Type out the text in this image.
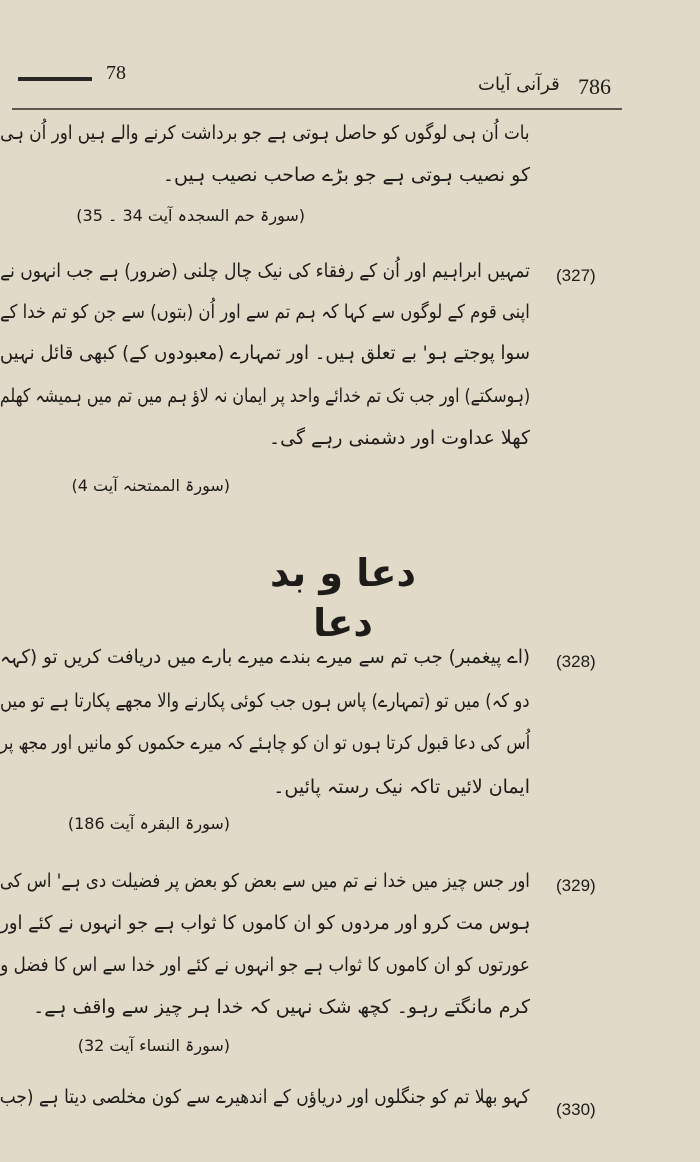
78
قرآنی آیات 786
بات اُن ہی لوگوں کو حاصل ہوتی ہے جو برداشت کرنے والے ہیں اور اُن ہی
کو نصیب ہوتی ہے جو بڑے صاحب نصیب ہیں۔
(سورۃ حم السجدہ آیت 34 ۔ 35)
(327)
تمہیں ابراہیم اور اُن کے رفقاء کی نیک چال چلنی (ضرور) ہے جب انہوں نے
اپنی قوم کے لوگوں سے کہا کہ ہم تم سے اور اُن (بتوں) سے جن کو تم خدا کے
سوا پوجتے ہو' بے تعلق ہیں۔ اور تمہارے (معبودوں کے) کبھی قائل نہیں
(ہوسکتے) اور جب تک تم خدائے واحد پر ایمان نہ لاؤ ہم میں تم میں ہمیشہ کھلم
کھلا عداوت اور دشمنی رہے گی۔
(سورۃ الممتحنہ آیت 4)
دعا و بد دعا
(328)
(اے پیغمبر) جب تم سے میرے بندے میرے بارے میں دریافت کریں تو (کہہ
دو کہ) میں تو (تمہارے) پاس ہوں جب کوئی پکارنے والا مجھے پکارتا ہے تو میں
اُس کی دعا قبول کرتا ہوں تو ان کو چاہئے کہ میرے حکموں کو مانیں اور مجھ پر
ایمان لائیں تاکہ نیک رستہ پائیں۔
(سورۃ البقرہ آیت 186)
(329)
اور جس چیز میں خدا نے تم میں سے بعض کو بعض پر فضیلت دی ہے' اس کی
ہوس مت کرو اور مردوں کو ان کاموں کا ثواب ہے جو انہوں نے کئے اور
عورتوں کو ان کاموں کا ثواب ہے جو انہوں نے کئے اور خدا سے اس کا فضل و
کرم مانگتے رہو۔ کچھ شک نہیں کہ خدا ہر چیز سے واقف ہے۔
(سورۃ النساء آیت 32)
(330)
کہو بھلا تم کو جنگلوں اور دریاؤں کے اندھیرے سے کون مخلصی دیتا ہے (جب
